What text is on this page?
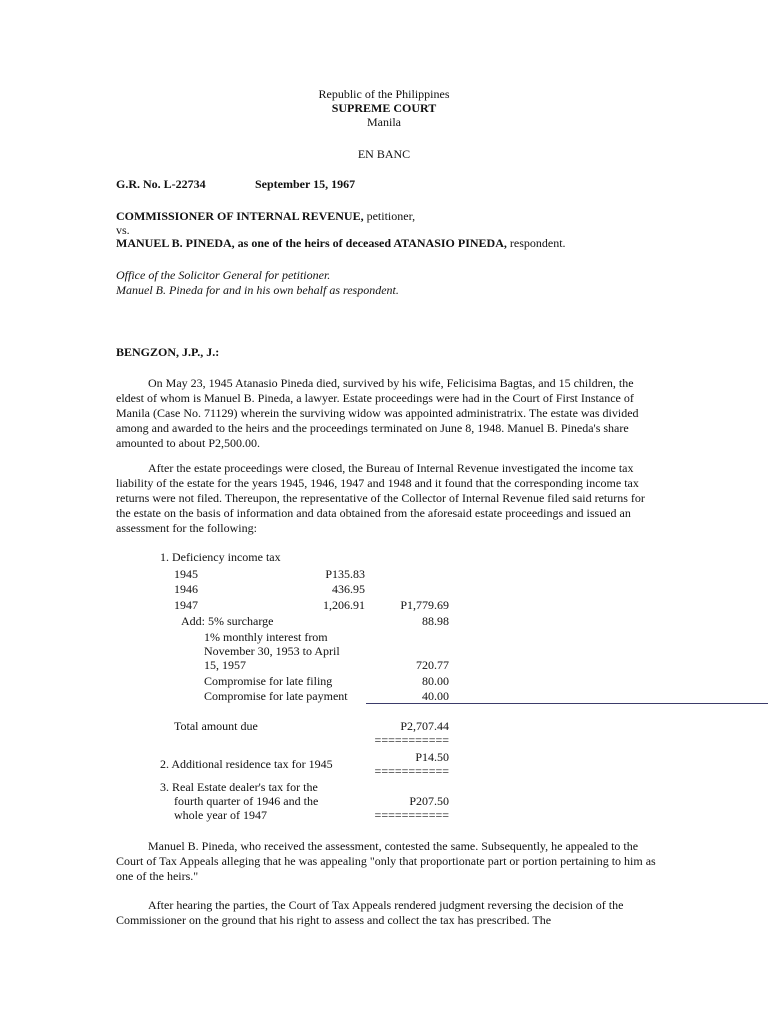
Republic of the Philippines
SUPREME COURT
Manila
EN BANC
G.R. No. L-22734	September 15, 1967
COMMISSIONER OF INTERNAL REVENUE, petitioner,
vs.
MANUEL B. PINEDA, as one of the heirs of deceased ATANASIO PINEDA, respondent.
Office of the Solicitor General for petitioner.
Manuel B. Pineda for and in his own behalf as respondent.
BENGZON, J.P., J.:
On May 23, 1945 Atanasio Pineda died, survived by his wife, Felicisima Bagtas, and 15 children, the eldest of whom is Manuel B. Pineda, a lawyer. Estate proceedings were had in the Court of First Instance of Manila (Case No. 71129) wherein the surviving widow was appointed administratrix. The estate was divided among and awarded to the heirs and the proceedings terminated on June 8, 1948. Manuel B. Pineda's share amounted to about P2,500.00.
After the estate proceedings were closed, the Bureau of Internal Revenue investigated the income tax liability of the estate for the years 1945, 1946, 1947 and 1948 and it found that the corresponding income tax returns were not filed. Thereupon, the representative of the Collector of Internal Revenue filed said returns for the estate on the basis of information and data obtained from the aforesaid estate proceedings and issued an assessment for the following:
1. Deficiency income tax
1945	P135.83
1946	436.95
1947	1,206.91	P1,779.69
Add: 5% surcharge	88.98
1% monthly interest from
November 30, 1953 to April
15, 1957	720.77
Compromise for late filing	80.00
Compromise for late payment	40.00
Total amount due	P2,707.44
===========
2. Additional residence tax for 1945	P14.50
===========
3. Real Estate dealer's tax for the
fourth quarter of 1946 and the
whole year of 1947
P207.50
===========
Manuel B. Pineda, who received the assessment, contested the same. Subsequently, he appealed to the Court of Tax Appeals alleging that he was appealing "only that proportionate part or portion pertaining to him as one of the heirs."
After hearing the parties, the Court of Tax Appeals rendered judgment reversing the decision of the Commissioner on the ground that his right to assess and collect the tax has prescribed. The
